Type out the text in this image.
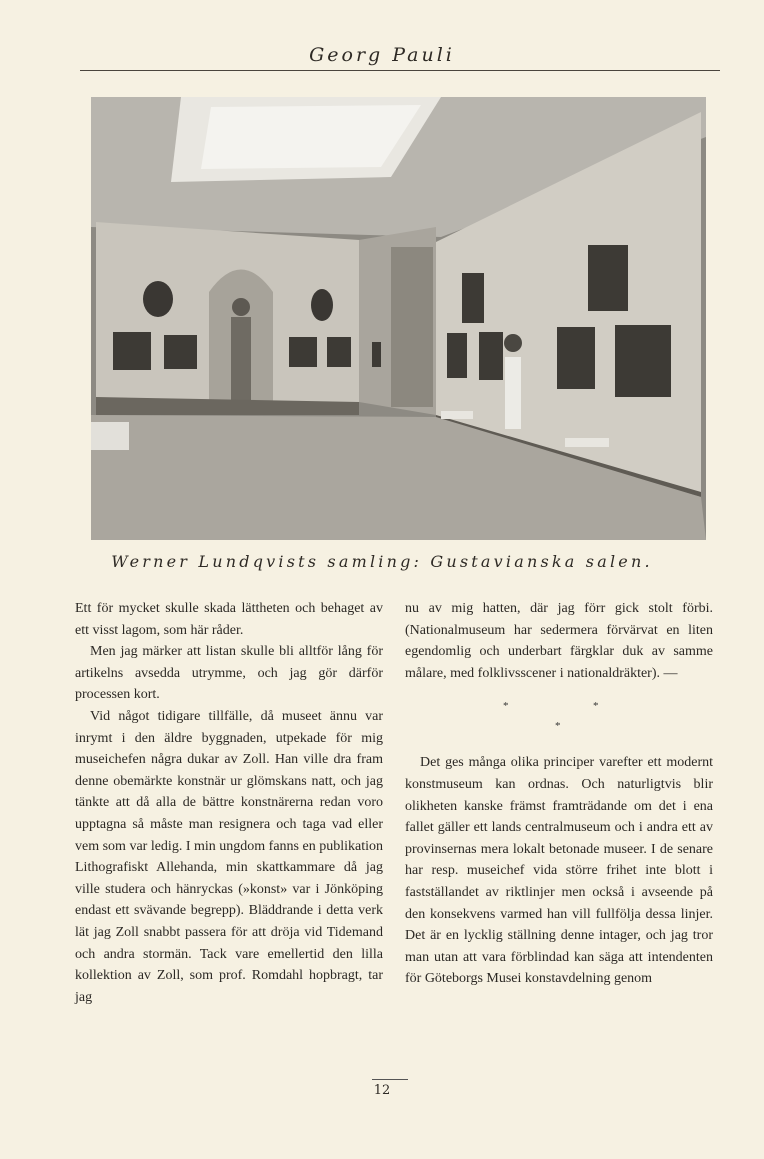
Georg Pauli
Werner Lundqvists samling: Gustavianska salen.

Ett för mycket skulle skada lättheten och behaget av ett visst lagom, som här råder.

Men jag märker att listan skulle bli alltför lång för artikelns avsedda utrymme, och jag gör därför processen kort.

Vid något tidigare tillfälle, då museet ännu var inrymt i den äldre byggnaden, utpekade för mig museichefen några dukar av Zoll. Han ville dra fram denne obemärkte konstnär ur glömskans natt, och jag tänkte att då alla de bättre konstnärerna redan voro upptagna så måste man resignera och taga vad eller vem som var ledig. I min ungdom fanns en publikation Lithografiskt Allehanda, min skattkammare då jag ville studera och hänryckas (»konst» var i Jönköping endast ett svävande begrepp). Bläddrande i detta verk lät jag Zoll snabbt passera för att dröja vid Tidemand och andra stormän. Tack vare emellertid den lilla kollektion av Zoll, som prof. Romdahl hopbragt, tar jag

nu av mig hatten, där jag förr gick stolt förbi. (Nationalmuseum har sedermera förvärvat en liten egendomlig och underbart färgklar duk av samme målare, med folklivsscener i nationaldräkter). —

*	*
*

Det ges många olika principer varefter ett modernt konstmuseum kan ordnas. Och naturligtvis blir olikheten kanske främst framträdande om det i ena fallet gäller ett lands centralmuseum och i andra ett av provinsernas mera lokalt betonade museer. I de senare har resp. museichef vida större frihet inte blott i fastställandet av riktlinjer men också i avseende på den konsekvens varmed han vill fullfölja dessa linjer. Det är en lycklig ställning denne intager, och jag tror man utan att vara förblindad kan säga att intendenten för Göteborgs Musei konstavdelning genom

12
